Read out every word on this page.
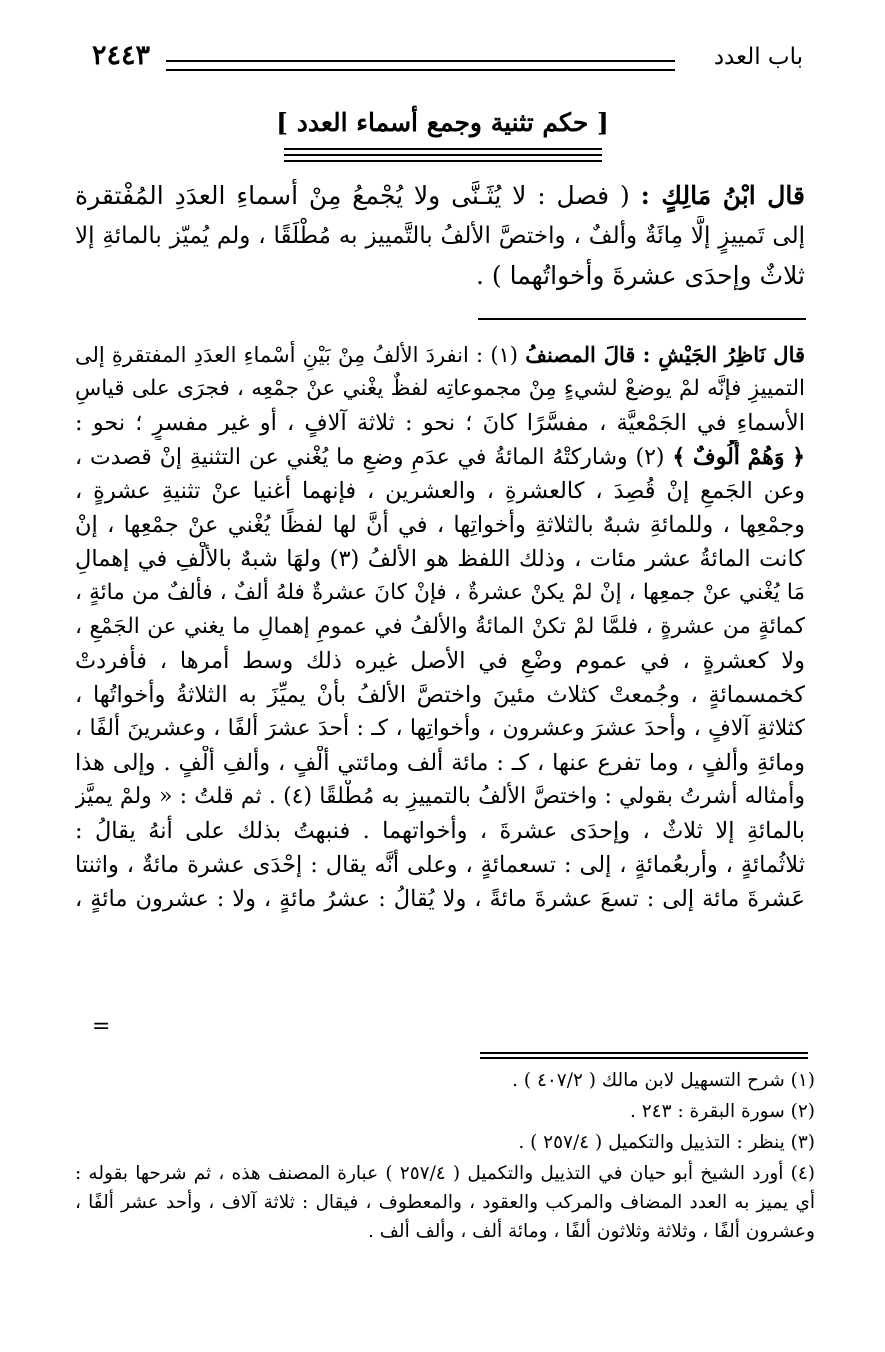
باب العدد
٢٤٤٣
[ حكم تثنية وجمع أسماء العدد ]
قال ابْنُ مَالِكٍ : ( فصل : لا يُثَـنَّى ولا يُجْمعُ مِنْ أسماءِ العدَدِ المُفْتقرة
إلى تَمييزٍ إلَّا مِائَةٌ وألفٌ ، واختصَّ الألفُ بالتَّمييز به مُطْلَقًا ، ولم يُميّز بالمائةِ إلا
ثلاثٌ وإحدَى عشرةَ وأخواتُهما ) .
قال نَاظِرُ الجَيْشِ : قالَ المصنفُ (١) : انفردَ الألفُ مِنْ بَيْنِ أسْماءِ العدَدِ المفتقرةِ إلى
التمييزِ فإنَّه لمْ يوضعْ لشيءٍ مِنْ مجموعاتِه لفظٌ يغْني عنْ جمْعِه ، فجرَى على قياسِ
الأسماءِ في الجَمْعيَّة ، مفسَّرًا كانَ ؛ نحو : ثلاثة آلافٍ ، أو غير مفسرٍ ؛ نحو :
﴿ وَهُمْ أُلُوفٌ ﴾ (٢) وشاركتْهُ المائةُ في عدَمِ وضعِ ما يُغْني عن التثنيةِ إنْ قصدت ،
وعن الجَمعِ إنْ قُصِدَ ، كالعشرةِ ، والعشرين ، فإنهما أغنيا عنْ تثنيةِ عشرةٍ ،
وجمْعِها ، وللمائةِ شبهٌ بالثلاثةِ وأخواتِها ، في أنَّ لها لفظًا يُغْني عنْ جمْعِها ، إنْ
كانت المائةُ عشر مئات ، وذلك اللفظ هو الألفُ (٣) ولهَا شبهٌ بالألْفِ في إهمالِ
مَا يُغْني عنْ جمعِها ، إنْ لمْ يكنْ عشرةٌ ، فإنْ كانَ عشرةٌ فلهُ ألفٌ ، فألفٌ من مائةٍ ،
كمائةٍ من عشرةٍ ، فلمَّا لمْ تكنْ المائةُ والألفُ في عمومِ إهمالِ ما يغني عن الجَمْعِ ،
ولا كعشرةٍ ، في عموم وضْعِ في الأصل غيره ذلك وسط أمرها ، فأُفردتْ
كخمسمائةٍ ، وجُمعتْ كثلاث مئينَ واختصَّ الألفُ بأنْ يميِّزَ به الثلاثةُ وأخواتُها ،
كثلاثةِ آلافٍ ، وأحدَ عشرَ وعشرون ، وأخواتِها ، كـ : أحدَ عشرَ ألفًا ، وعشرينَ ألفًا ،
ومائةِ وألفٍ ، وما تفرع عنها ، كـ : مائة ألف ومائتي ألْفٍ ، وألفِ ألْفٍ . وإلى هذا
وأمثاله أشرتُ بقولي : واختصَّ الألفُ بالتمييزِ به مُطْلقًا (٤) . ثم قلتُ : « ولمْ يميَّز
بالمائةِ إلا ثلاثٌ ، وإحدَى عشرةَ ، وأخواتهما . فنبهتُ بذلك على أنهُ يقالُ :
ثلاثُمائةٍ ، وأربعُمائةٍ ، إلى : تسعمائةٍ ، وعلى أنَّه يقال : إحْدَى عشرة مائةٌ ، واثنتا
عَشرةَ مائة إلى : تسعَ عشرةَ مائةً ، ولا يُقالُ : عشرُ مائةٍ ، ولا : عشرون مائةٍ ،
=
(١) شرح التسهيل لابن مالك ( ٤٠٧/٢ ) .
(٢) سورة البقرة : ٢٤٣ .
(٣) ينظر : التذييل والتكميل ( ٢٥٧/٤ ) .
(٤) أورد الشيخ أبو حيان في التذييل والتكميل ( ٢٥٧/٤ ) عبارة المصنف هذه ، ثم شرحها بقوله :
أي يميز به العدد المضاف والمركب والعقود ، والمعطوف ، فيقال : ثلاثة آلاف ، وأحد عشر ألفًا ،
وعشرون ألفًا ، وثلاثة وثلاثون ألفًا ، ومائة ألف ، وألف ألف .
